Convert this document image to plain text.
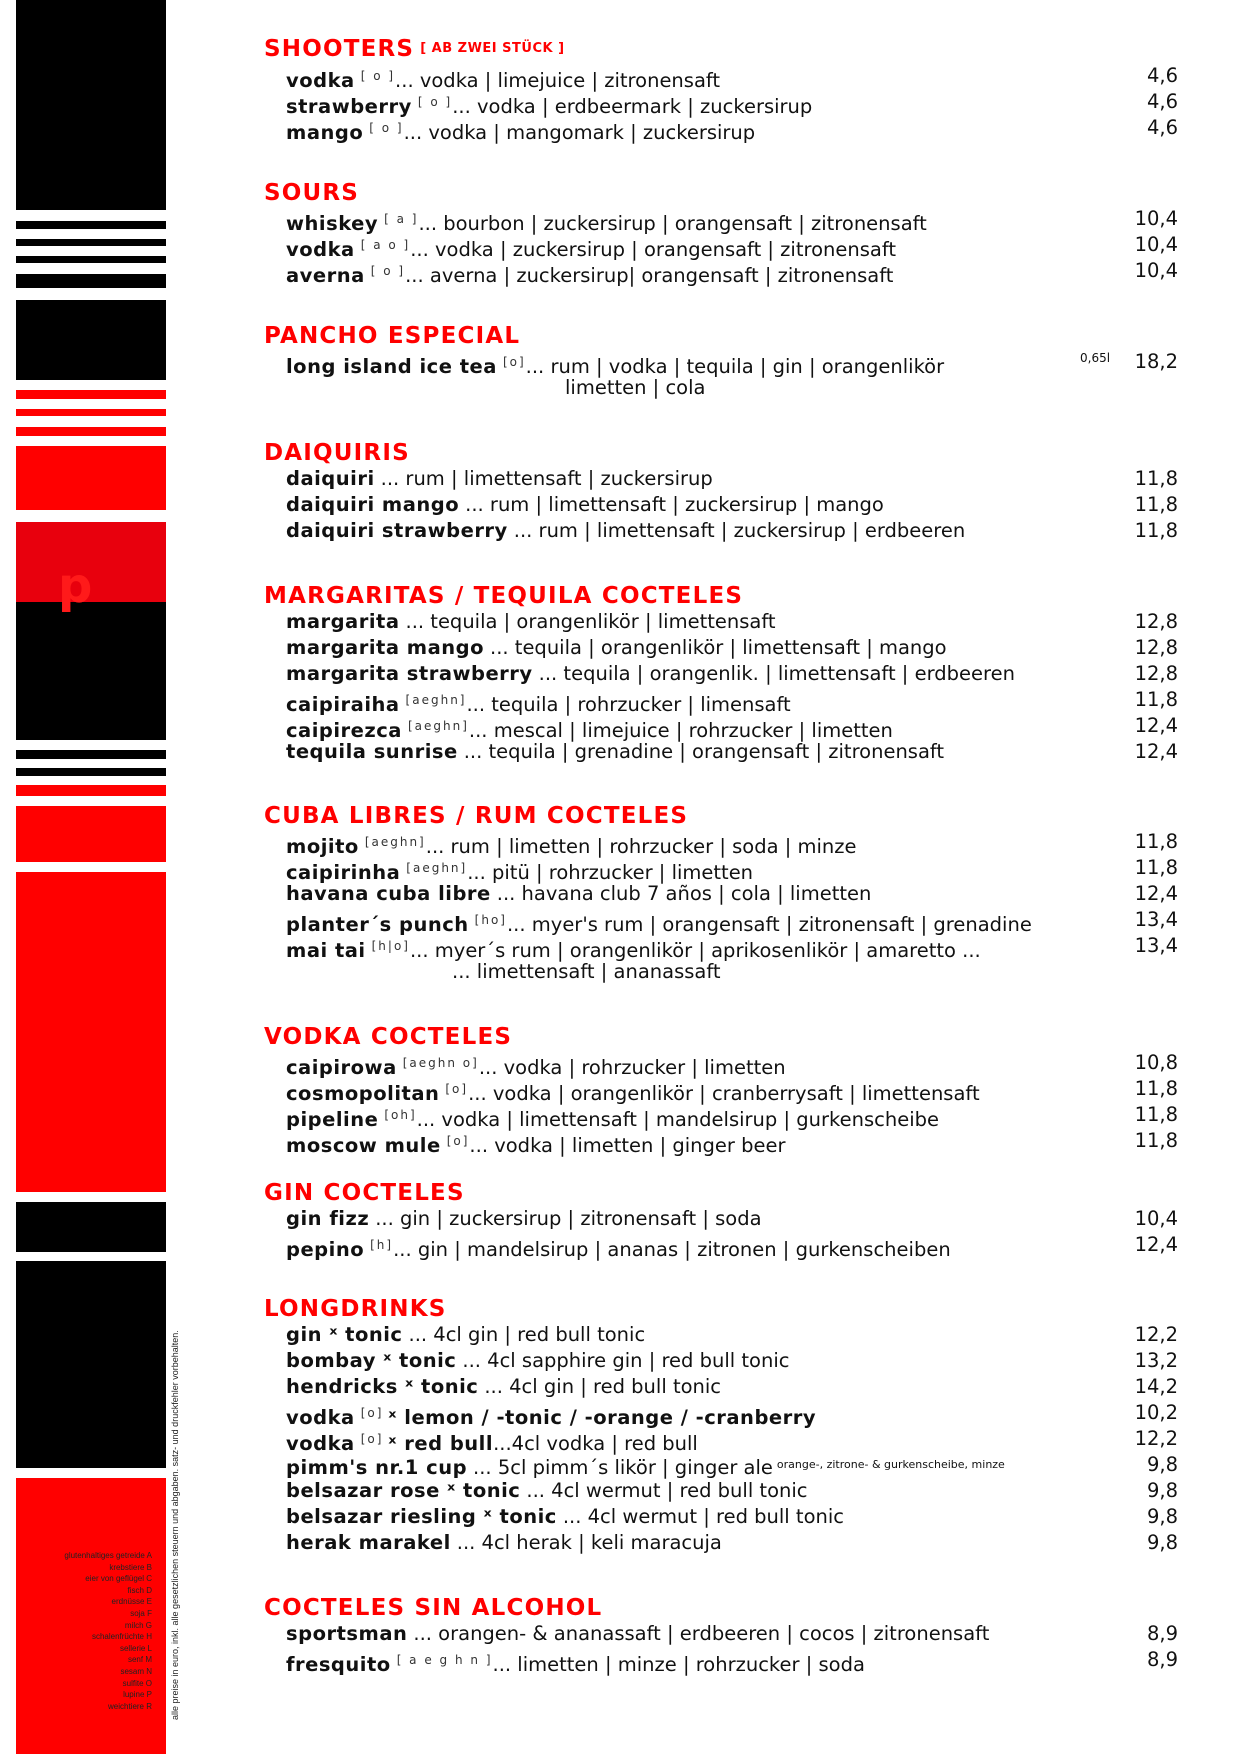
p
glutenhaltiges getreide A
krebstiere B
eier von geflügel C
fisch D
erdnüsse E
soja F
milch G
schalenfrüchte H
sellerie L
senf M
sesam N
sulfite O
lupine P
weichtiere R alle preise in euro, inkl. alle gesetzlichen steuern und abgaben. satz- und druckfehler vorbehalten.
SHOOTERS [ AB ZWEI STÜCK ]
vodka [ o ]... vodka | limejuice | zitronensaft	4,6
strawberry [ o ]... vodka | erdbeermark | zuckersirup	4,6
mango [ o ]... vodka | mangomark | zuckersirup	4,6
SOURS
whiskey [ a ]... bourbon | zuckersirup | orangensaft | zitronensaft	10,4
vodka [ a o ]... vodka | zuckersirup | orangensaft | zitronensaft	10,4
averna [ o ]... averna | zuckersirup| orangensaft | zitronensaft	10,4
PANCHO ESPECIAL
long island ice tea [o]... rum | vodka | tequila | gin | orangenlikör	18,2
0,65l
limetten | cola
DAIQUIRIS
daiquiri ... rum | limettensaft | zuckersirup	11,8
daiquiri mango ... rum | limettensaft | zuckersirup | mango	11,8
daiquiri strawberry ... rum | limettensaft | zuckersirup | erdbeeren	11,8
MARGARITAS / TEQUILA COCTELES
margarita ... tequila | orangenlikör | limettensaft	12,8
margarita mango ... tequila | orangenlikör | limettensaft | mango	12,8
margarita strawberry ... tequila | orangenlik. | limettensaft | erdbeeren	12,8
caipiraiha [aeghn]... tequila | rohrzucker | limensaft	11,8
caipirezca [aeghn]... mescal | limejuice | rohrzucker | limetten	12,4
tequila sunrise ... tequila | grenadine | orangensaft | zitronensaft	12,4
CUBA LIBRES / RUM COCTELES
mojito [aeghn]... rum | limetten | rohrzucker | soda | minze	11,8
caipirinha [aeghn]... pitü | rohrzucker | limetten	11,8
havana cuba libre ... havana club 7 años | cola | limetten	12,4
planter´s punch [ho]... myer's rum | orangensaft | zitronensaft | grenadine	13,4
mai tai [h|o]... myer´s rum | orangenlikör | aprikosenlikör | amaretto ...	13,4
... limettensaft | ananassaft
VODKA COCTELES
caipirowa [aeghn o]... vodka | rohrzucker | limetten	10,8
cosmopolitan [o]... vodka | orangenlikör | cranberrysaft | limettensaft	11,8
pipeline [oh]... vodka | limettensaft | mandelsirup | gurkenscheibe	11,8
moscow mule [o]... vodka | limetten | ginger beer	11,8
GIN COCTELES
gin fizz ... gin | zuckersirup | zitronensaft | soda	10,4
pepino [h]... gin | mandelsirup | ananas | zitronen | gurkenscheiben	12,4
LONGDRINKS
gin ˣ tonic ... 4cl gin | red bull tonic	12,2
bombay ˣ tonic ... 4cl sapphire gin | red bull tonic	13,2
hendricks ˣ tonic ... 4cl gin | red bull tonic	14,2
vodka [o] ˣ lemon / -tonic / -orange / -cranberry	10,2
vodka [o] ˣ red bull...4cl vodka | red bull	12,2
pimm's nr.1 cup ... 5cl pimm´s likör | ginger ale $^{orange-, zitrone- \& gurkenscheibe, minze}$	9,8
belsazar rose ˣ tonic ... 4cl wermut | red bull tonic	9,8
belsazar riesling ˣ tonic ... 4cl wermut | red bull tonic	9,8
herak marakel ... 4cl herak | keli maracuja	9,8
COCTELES SIN ALCOHOL
sportsman ... orangen- & ananassaft | erdbeeren | cocos | zitronensaft	8,9
fresquito [ a e g h n ]... limetten | minze | rohrzucker | soda	8,9
